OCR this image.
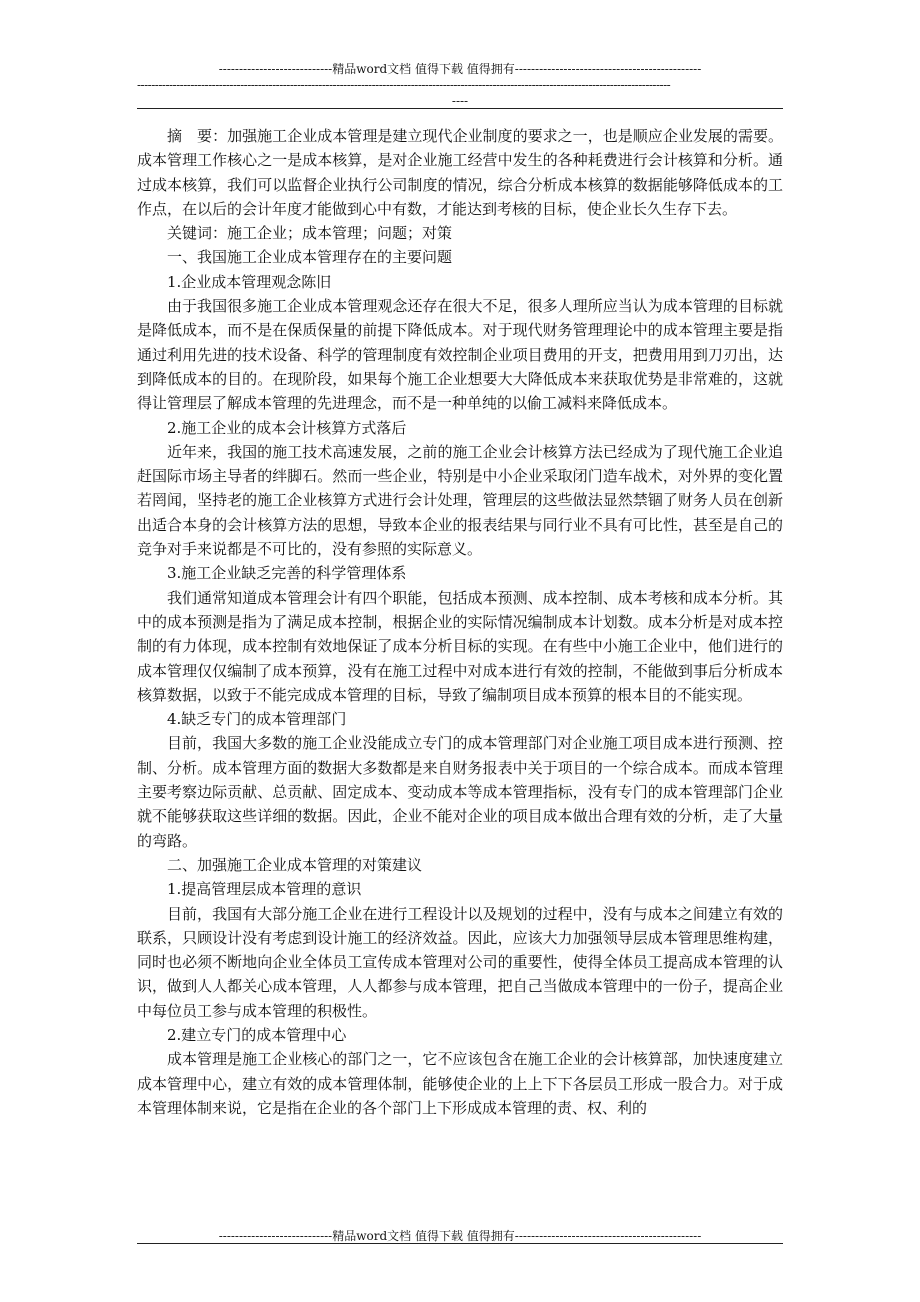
----------------------------精品word文档 值得下载 值得拥有----------------------------------------------
------------------------------------------------------------------------------------------------------------------------------------------------------
----

摘　要：加强施工企业成本管理是建立现代企业制度的要求之一，也是顺应企业发展的需要。成本管理工作核心之一是成本核算，是对企业施工经营中发生的各种耗费进行会计核算和分析。通过成本核算，我们可以监督企业执行公司制度的情况，综合分析成本核算的数据能够降低成本的工作点，在以后的会计年度才能做到心中有数，才能达到考核的目标，使企业长久生存下去。

关键词：施工企业；成本管理；问题；对策

一、我国施工企业成本管理存在的主要问题

1.企业成本管理观念陈旧

由于我国很多施工企业成本管理观念还存在很大不足，很多人理所应当认为成本管理的目标就是降低成本，而不是在保质保量的前提下降低成本。对于现代财务管理理论中的成本管理主要是指通过利用先进的技术设备、科学的管理制度有效控制企业项目费用的开支，把费用用到刀刃出，达到降低成本的目的。在现阶段，如果每个施工企业想要大大降低成本来获取优势是非常难的，这就得让管理层了解成本管理的先进理念，而不是一种单纯的以偷工减料来降低成本。

2.施工企业的成本会计核算方式落后

近年来，我国的施工技术高速发展，之前的施工企业会计核算方法已经成为了现代施工企业追赶国际市场主导者的绊脚石。然而一些企业，特别是中小企业采取闭门造车战术，对外界的变化置若罔闻，坚持老的施工企业核算方式进行会计处理，管理层的这些做法显然禁锢了财务人员在创新出适合本身的会计核算方法的思想，导致本企业的报表结果与同行业不具有可比性，甚至是自己的竞争对手来说都是不可比的，没有参照的实际意义。

3.施工企业缺乏完善的科学管理体系

我们通常知道成本管理会计有四个职能，包括成本预测、成本控制、成本考核和成本分析。其中的成本预测是指为了满足成本控制，根据企业的实际情况编制成本计划数。成本分析是对成本控制的有力体现，成本控制有效地保证了成本分析目标的实现。在有些中小施工企业中，他们进行的成本管理仅仅编制了成本预算，没有在施工过程中对成本进行有效的控制，不能做到事后分析成本核算数据，以致于不能完成成本管理的目标，导致了编制项目成本预算的根本目的不能实现。

4.缺乏专门的成本管理部门

目前，我国大多数的施工企业没能成立专门的成本管理部门对企业施工项目成本进行预测、控制、分析。成本管理方面的数据大多数都是来自财务报表中关于项目的一个综合成本。而成本管理主要考察边际贡献、总贡献、固定成本、变动成本等成本管理指标，没有专门的成本管理部门企业就不能够获取这些详细的数据。因此，企业不能对企业的项目成本做出合理有效的分析，走了大量的弯路。

二、加强施工企业成本管理的对策建议

1.提高管理层成本管理的意识

目前，我国有大部分施工企业在进行工程设计以及规划的过程中，没有与成本之间建立有效的联系，只顾设计没有考虑到设计施工的经济效益。因此，应该大力加强领导层成本管理思维构建，同时也必须不断地向企业全体员工宣传成本管理对公司的重要性，使得全体员工提高成本管理的认识，做到人人都关心成本管理，人人都参与成本管理，把自己当做成本管理中的一份子，提高企业中每位员工参与成本管理的积极性。

2.建立专门的成本管理中心

成本管理是施工企业核心的部门之一，它不应该包含在施工企业的会计核算部，加快速度建立成本管理中心，建立有效的成本管理体制，能够使企业的上上下下各层员工形成一股合力。对于成本管理体制来说，它是指在企业的各个部门上下形成成本管理的责、权、利的

----------------------------精品word文档 值得下载 值得拥有----------------------------------------------
